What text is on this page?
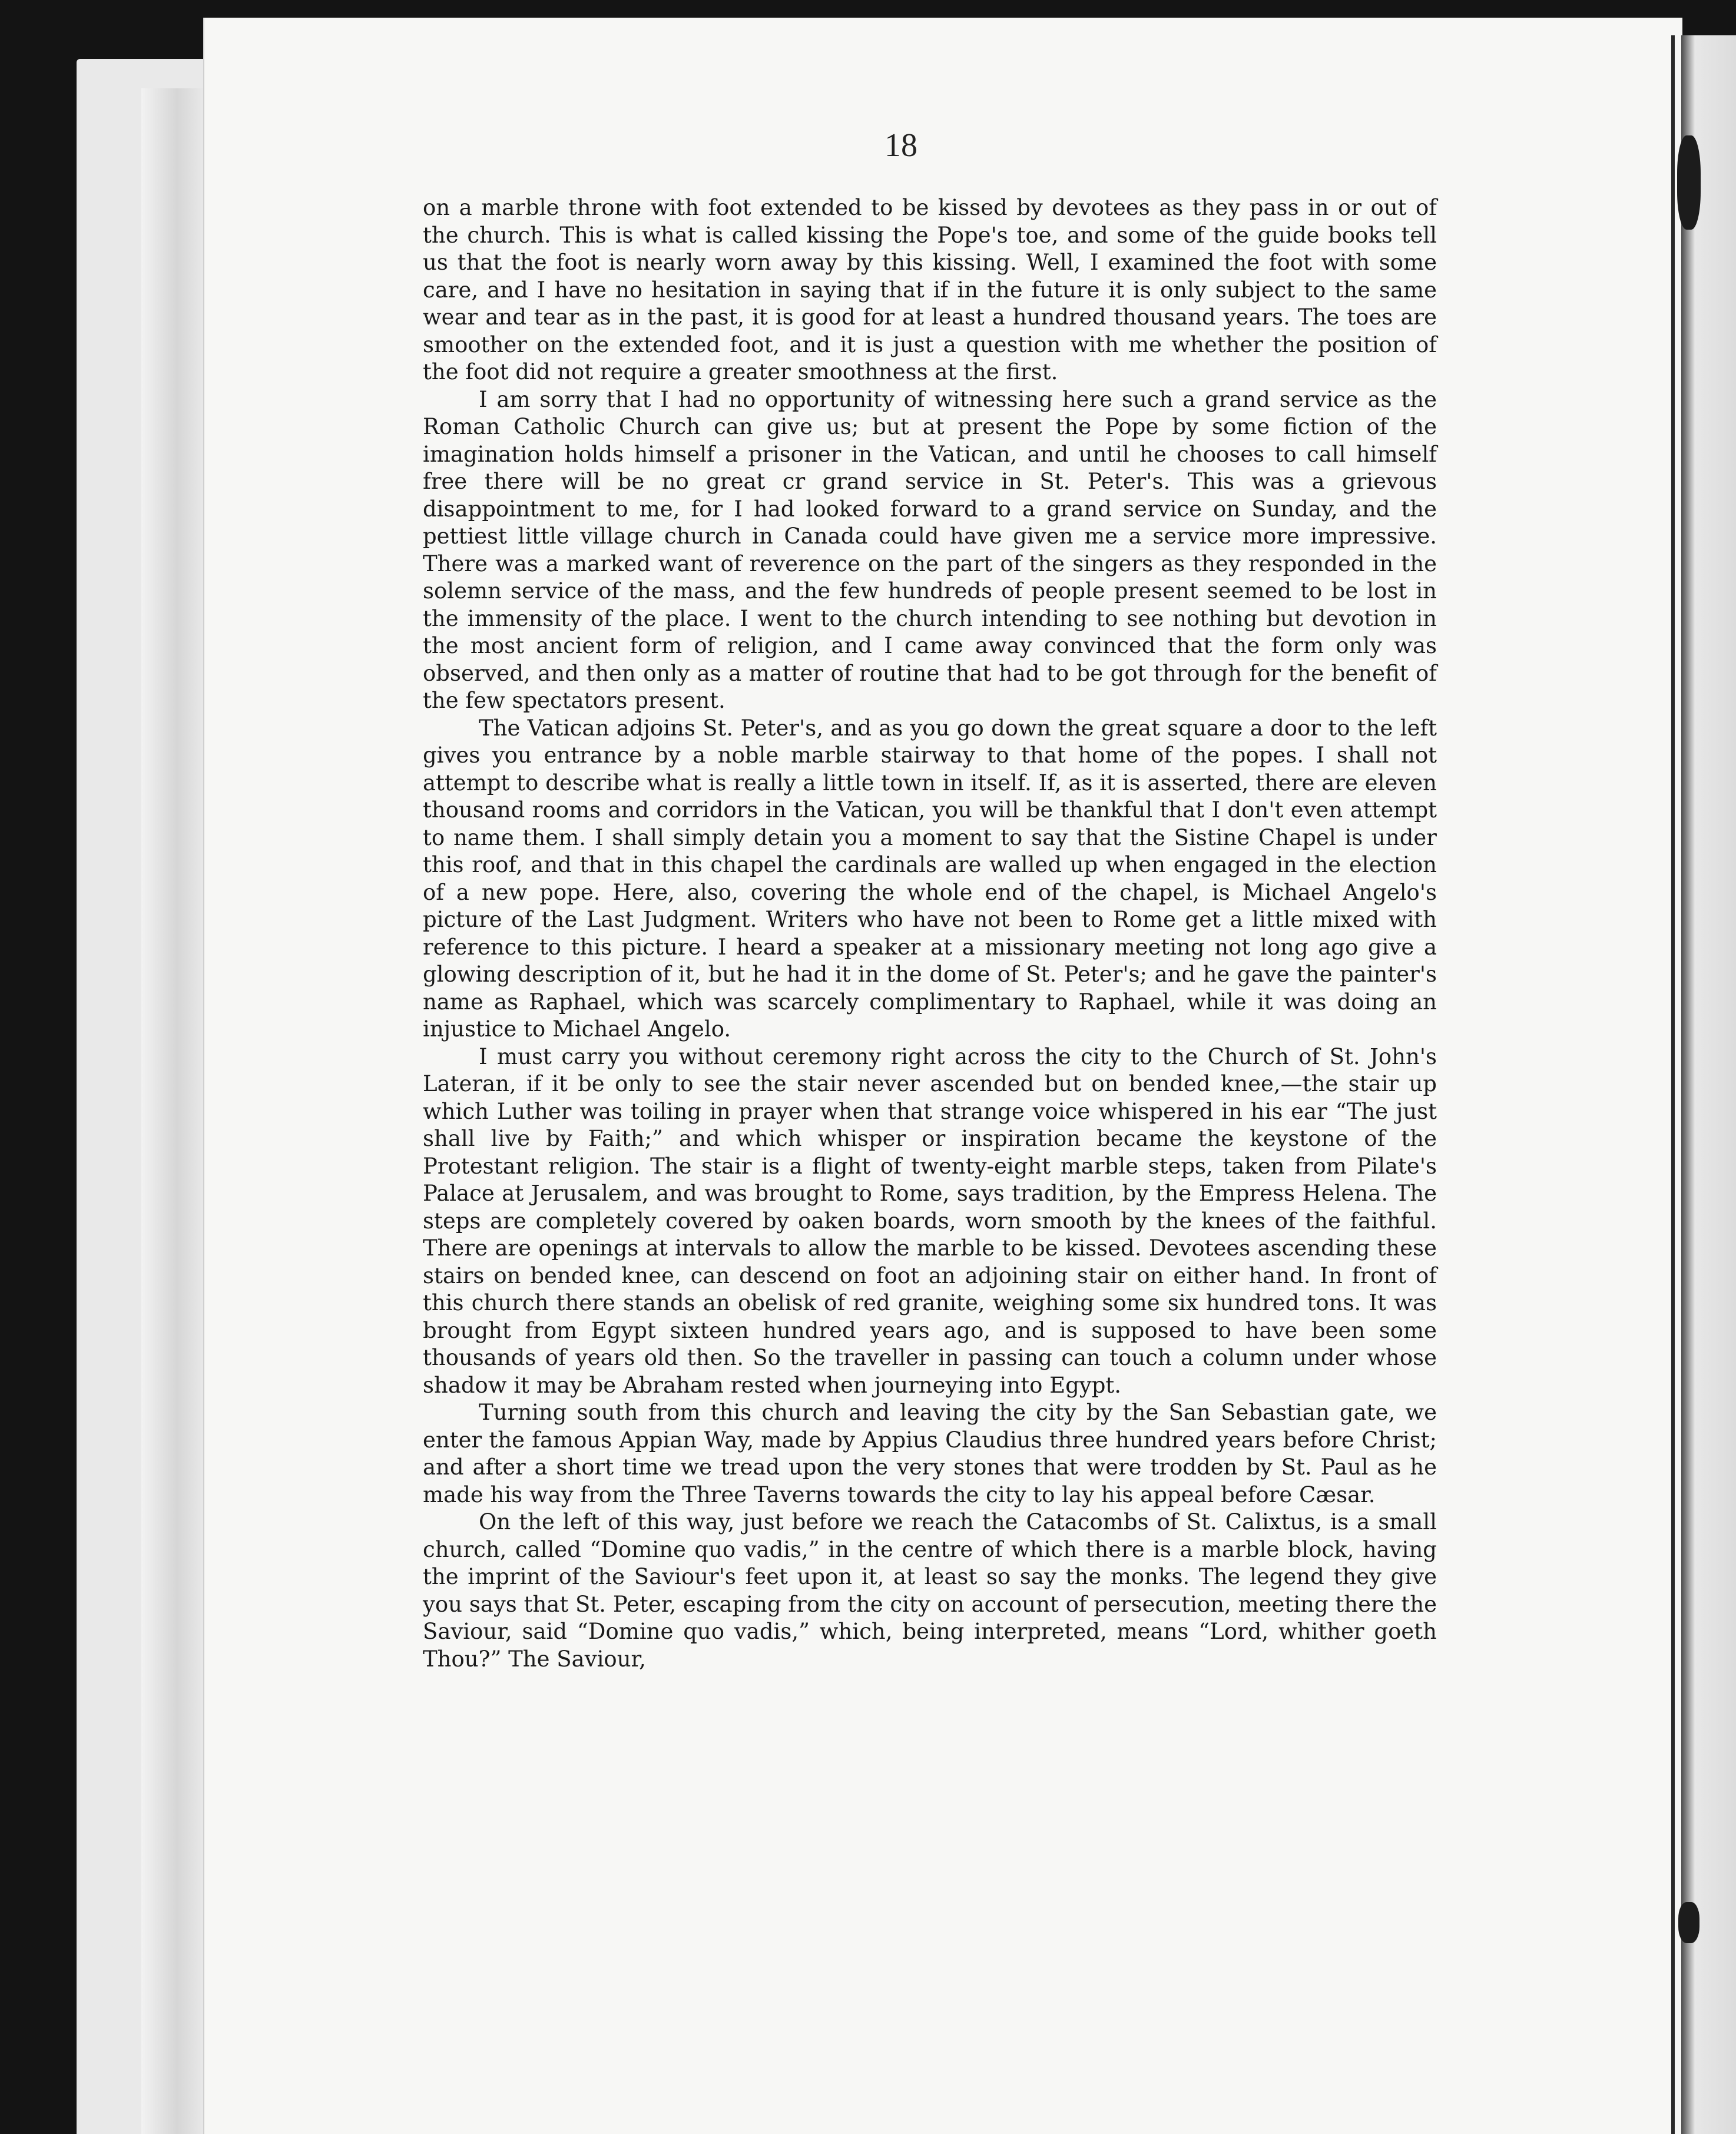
18

on a marble throne with foot extended to be kissed by devotees as they pass in or out of the church. This is what is called kissing the Pope's toe, and some of the guide books tell us that the foot is nearly worn away by this kissing. Well, I examined the foot with some care, and I have no hesitation in saying that if in the future it is only subject to the same wear and tear as in the past, it is good for at least a hundred thousand years. The toes are smoother on the extended foot, and it is just a question with me whether the position of the foot did not require a greater smoothness at the first.

I am sorry that I had no opportunity of witnessing here such a grand service as the Roman Catholic Church can give us; but at present the Pope by some fiction of the imagination holds himself a prisoner in the Vatican, and until he chooses to call himself free there will be no great cr grand service in St. Peter's. This was a grievous disappointment to me, for I had looked forward to a grand service on Sunday, and the pettiest little village church in Canada could have given me a service more impressive. There was a marked want of reverence on the part of the singers as they responded in the solemn service of the mass, and the few hundreds of people present seemed to be lost in the immensity of the place. I went to the church intending to see nothing but devotion in the most ancient form of religion, and I came away convinced that the form only was observed, and then only as a matter of routine that had to be got through for the benefit of the few spectators present.

The Vatican adjoins St. Peter's, and as you go down the great square a door to the left gives you entrance by a noble marble stairway to that home of the popes. I shall not attempt to describe what is really a little town in itself. If, as it is asserted, there are eleven thousand rooms and corridors in the Vatican, you will be thankful that I don't even attempt to name them. I shall simply detain you a moment to say that the Sistine Chapel is under this roof, and that in this chapel the cardinals are walled up when engaged in the election of a new pope. Here, also, covering the whole end of the chapel, is Michael Angelo's picture of the Last Judgment. Writers who have not been to Rome get a little mixed with reference to this picture. I heard a speaker at a missionary meeting not long ago give a glowing description of it, but he had it in the dome of St. Peter's; and he gave the painter's name as Raphael, which was scarcely complimentary to Raphael, while it was doing an injustice to Michael Angelo.

I must carry you without ceremony right across the city to the Church of St. John's Lateran, if it be only to see the stair never ascended but on bended knee,—the stair up which Luther was toiling in prayer when that strange voice whispered in his ear “The just shall live by Faith;” and which whisper or inspiration became the keystone of the Protestant religion. The stair is a flight of twenty-eight marble steps, taken from Pilate's Palace at Jerusalem, and was brought to Rome, says tradition, by the Empress Helena. The steps are completely covered by oaken boards, worn smooth by the knees of the faithful. There are openings at intervals to allow the marble to be kissed. Devotees ascending these stairs on bended knee, can descend on foot an adjoining stair on either hand. In front of this church there stands an obelisk of red granite, weighing some six hundred tons. It was brought from Egypt sixteen hundred years ago, and is supposed to have been some thousands of years old then. So the traveller in passing can touch a column under whose shadow it may be Abraham rested when journeying into Egypt.

Turning south from this church and leaving the city by the San Sebastian gate, we enter the famous Appian Way, made by Appius Claudius three hundred years before Christ; and after a short time we tread upon the very stones that were trodden by St. Paul as he made his way from the Three Taverns towards the city to lay his appeal before Cæsar.

On the left of this way, just before we reach the Catacombs of St. Calixtus, is a small church, called “Domine quo vadis,” in the centre of which there is a marble block, having the imprint of the Saviour's feet upon it, at least so say the monks. The legend they give you says that St. Peter, escaping from the city on account of persecution, meeting there the Saviour, said “Domine quo vadis,” which, being interpreted, means “Lord, whither goeth Thou?” The Saviour,
